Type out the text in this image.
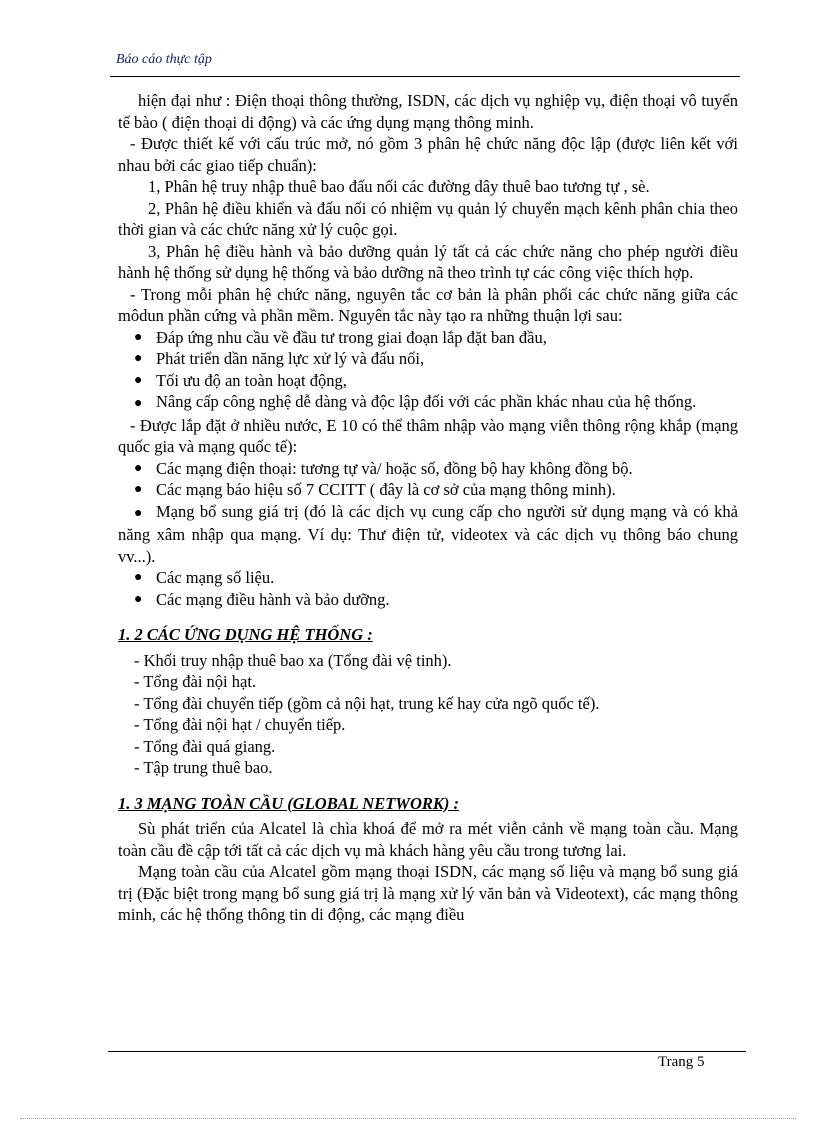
Báo cáo thực tập

hiện đại như : Điện thoại thông thường, ISDN, các dịch vụ nghiệp vụ, điện thoại vô tuyến tế bào ( điện thoại di động) và các ứng dụng mạng thông minh.

- Được thiết kế với cấu trúc mở, nó gồm 3 phân hệ chức năng độc lập (được liên kết với nhau bởi các giao tiếp chuẩn):

1, Phân hệ truy nhập thuê bao đấu nối các đường dây thuê bao tương tự , sè.

2, Phân hệ điều khiển và đấu nối có nhiệm vụ quản lý chuyển mạch kênh phân chia theo thời gian và các chức năng xử lý cuộc gọi.

3, Phân hệ điều hành và bảo dưỡng quản lý tất cả các chức năng cho phép người điều hành hệ thống sử dụng hệ thống và bảo dưỡng nã theo trình tự các công việc thích hợp.

- Trong mỗi phân hệ chức năng, nguyên tắc cơ bản là phân phối các chức năng giữa các môdun phần cứng và phần mềm. Nguyên tắc này tạo ra những thuận lợi sau:

● Đáp ứng nhu cầu về đầu tư trong giai đoạn lắp đặt ban đầu,
● Phát triển dần năng lực xử lý và đấu nối,
● Tối ưu độ an toàn hoạt động,

● Nâng cấp công nghệ dễ dàng và độc lập đối với các phần khác nhau của hệ thống.

- Được lắp đặt ở nhiều nước, E 10 có thể thâm nhập vào mạng viễn thông rộng khắp (mạng quốc gia và mạng quốc tế):

● Các mạng điện thoại: tương tự và/ hoặc số, đồng bộ hay không đồng bộ.
● Các mạng báo hiệu số 7 CCITT ( đây là cơ sở của mạng thông minh).

● Mạng bổ sung giá trị (đó là các dịch vụ cung cấp cho người sử dụng mạng và có khả năng xâm nhập qua mạng. Ví dụ: Thư điện tử, videotex và các dịch vụ thông báo chung vv...).

● Các mạng số liệu.
● Các mạng điều hành và bảo dưỡng.
1. 2 CÁC ỨNG DỤNG HỆ THỐNG :

- Khối truy nhập thuê bao xa (Tổng đài vệ tinh).

- Tổng đài nội hạt.

- Tổng đài chuyển tiếp (gồm cả nội hạt, trung kế hay cửa ngõ quốc tế).

- Tổng đài nội hạt / chuyển tiếp.

- Tổng đài quá giang.

- Tập trung thuê bao.

1. 3 MẠNG TOÀN CẦU (GLOBAL NETWORK) :

Sù phát triển của Alcatel là chìa khoá để mở ra mét viễn cảnh về mạng toàn cầu. Mạng toàn cầu đề cập tới tất cả các dịch vụ mà khách hàng yêu cầu trong tương lai.

Mạng toàn cầu của Alcatel gồm mạng thoại ISDN, các mạng số liệu và mạng bổ sung giá trị (Đặc biệt trong mạng bổ sung giá trị là mạng xử lý văn bản và Videotext), các mạng thông minh, các hệ thống thông tin di động, các mạng điều

Trang 5
